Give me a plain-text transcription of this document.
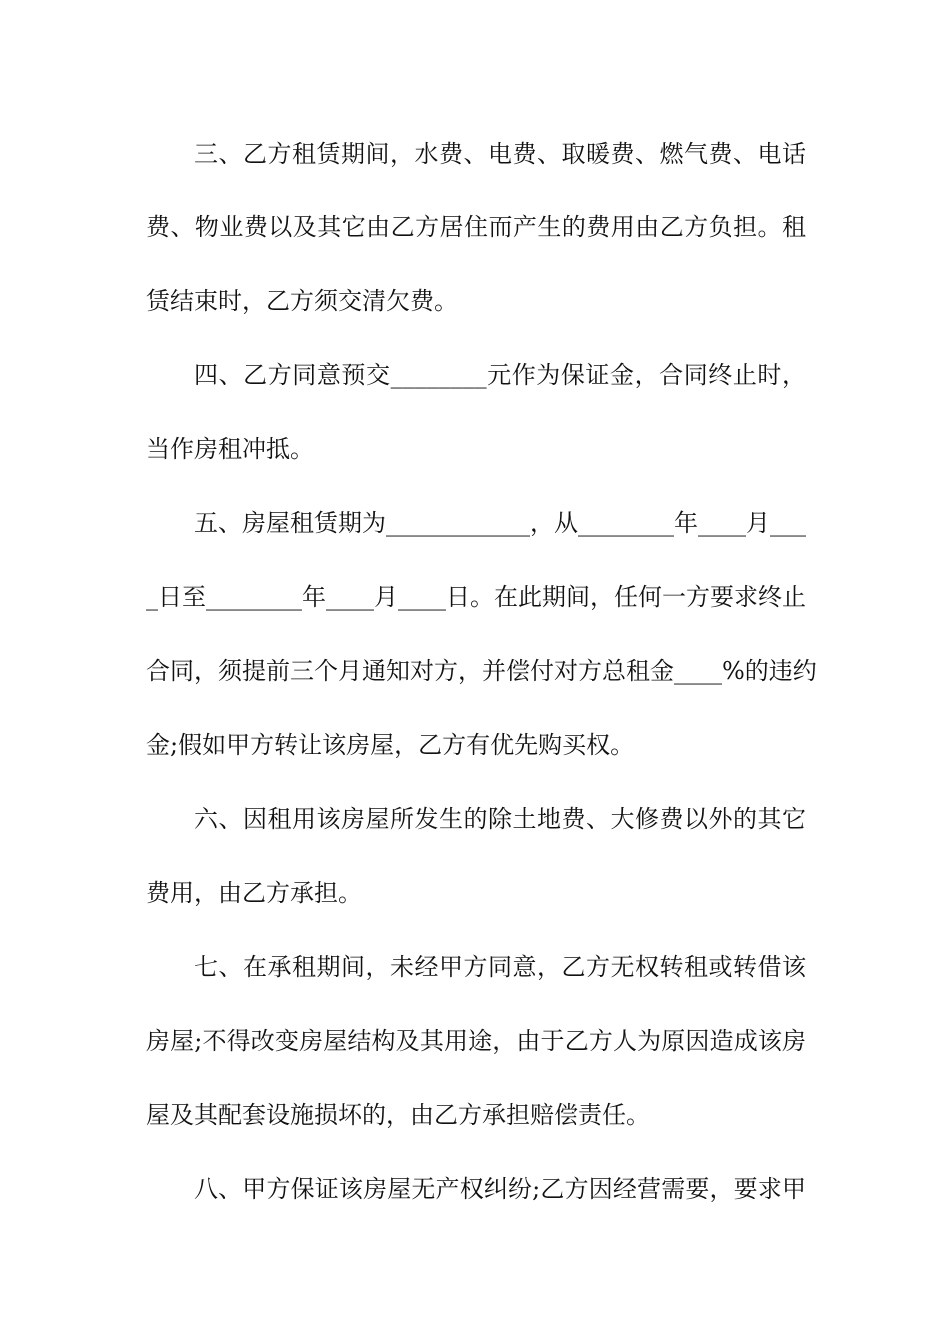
三、乙方租赁期间，水费、电费、取暖费、燃气费、电话
费、物业费以及其它由乙方居住而产生的费用由乙方负担。租
赁结束时，乙方须交清欠费。
四、乙方同意预交________元作为保证金，合同终止时，
当作房租冲抵。
五、房屋租赁期为____________，从________年____月___
_日至________年____月____日。在此期间，任何一方要求终止
合同，须提前三个月通知对方，并偿付对方总租金____%的违约
金;假如甲方转让该房屋，乙方有优先购买权。
六、因租用该房屋所发生的除土地费、大修费以外的其它
费用，由乙方承担。
七、在承租期间，未经甲方同意，乙方无权转租或转借该
房屋;不得改变房屋结构及其用途，由于乙方人为原因造成该房
屋及其配套设施损坏的，由乙方承担赔偿责任。
八、甲方保证该房屋无产权纠纷;乙方因经营需要，要求甲
